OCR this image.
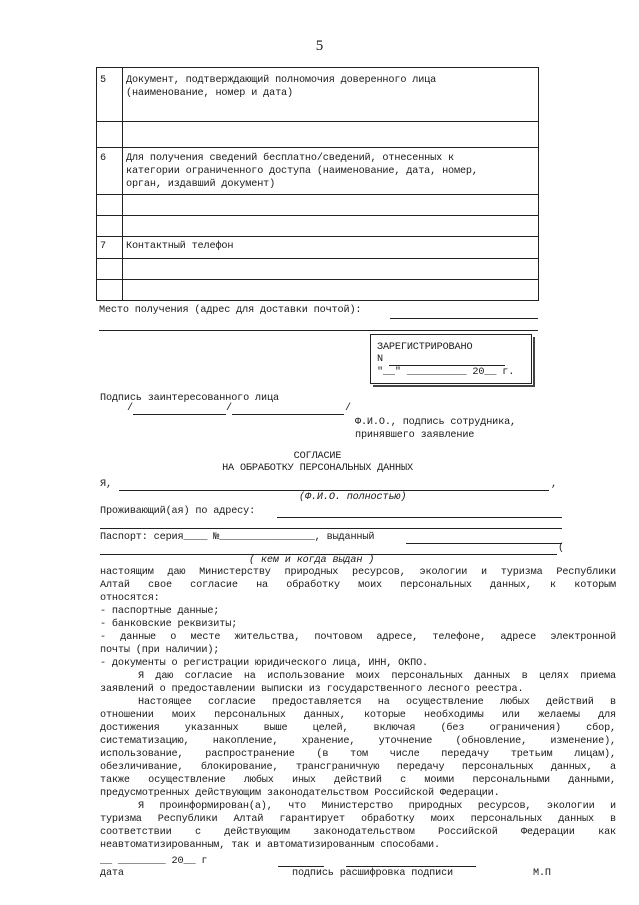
5
5 Документ, подтверждающий полномочия доверенного лица
(наименование, номер и дата)
6 Для получения сведений бесплатно/сведений, отнесенных к
категории ограниченного доступа (наименование, дата, номер,
орган, издавший документ)
7 Контактный телефон
Место получения (адрес для доставки почтой):
ЗАРЕГИСТРИРОВАНО
N
"__" __________ 20__ г.
Подпись заинтересованного лица
/	/	/
Ф.И.О., подпись сотрудника,
принявшего заявление
СОГЛАСИЕ
НА ОБРАБОТКУ ПЕРСОНАЛЬНЫХ ДАННЫХ
Я,	,
(Ф.И.О. полностью)
Проживающий(ая) по адресу:
Паспорт: серия____ №________________, выданный
(
( кем и когда выдан )
настоящим даю Министерству природных ресурсов, экологии и туризма Республики
Алтай свое согласие на обработку моих персональных данных, к которым
относятся:
- паспортные данные;
- банковские реквизиты;
- данные о месте жительства, почтовом адресе, телефоне, адресе электронной
почты (при наличии);
- документы о регистрации юридического лица, ИНН, ОКПО.
Я даю согласие на использование моих персональных данных в целях приема
заявлений о предоставлении выписки из государственного лесного реестра.
Настоящее согласие предоставляется на осуществление любых действий в
отношении моих персональных данных, которые необходимы или желаемы для
достижения указанных выше целей, включая (без ограничения) сбор,
систематизацию, накопление, хранение, уточнение (обновление, изменение),
использование, распространение (в том числе передачу третьим лицам),
обезличивание, блокирование, трансграничную передачу персональных данных, а
также осуществление любых иных действий с моими персональными данными,
предусмотренных действующим законодательством Российской Федерации.
Я проинформирован(а), что Министерство природных ресурсов, экологии и
туризма Республики Алтай гарантирует обработку моих персональных данных в
соответствии с действующим законодательством Российской Федерации как
неавтоматизированным, так и автоматизированным способами.
__ ________ 20__ г
дата	подпись расшифровка подписи	М.П
